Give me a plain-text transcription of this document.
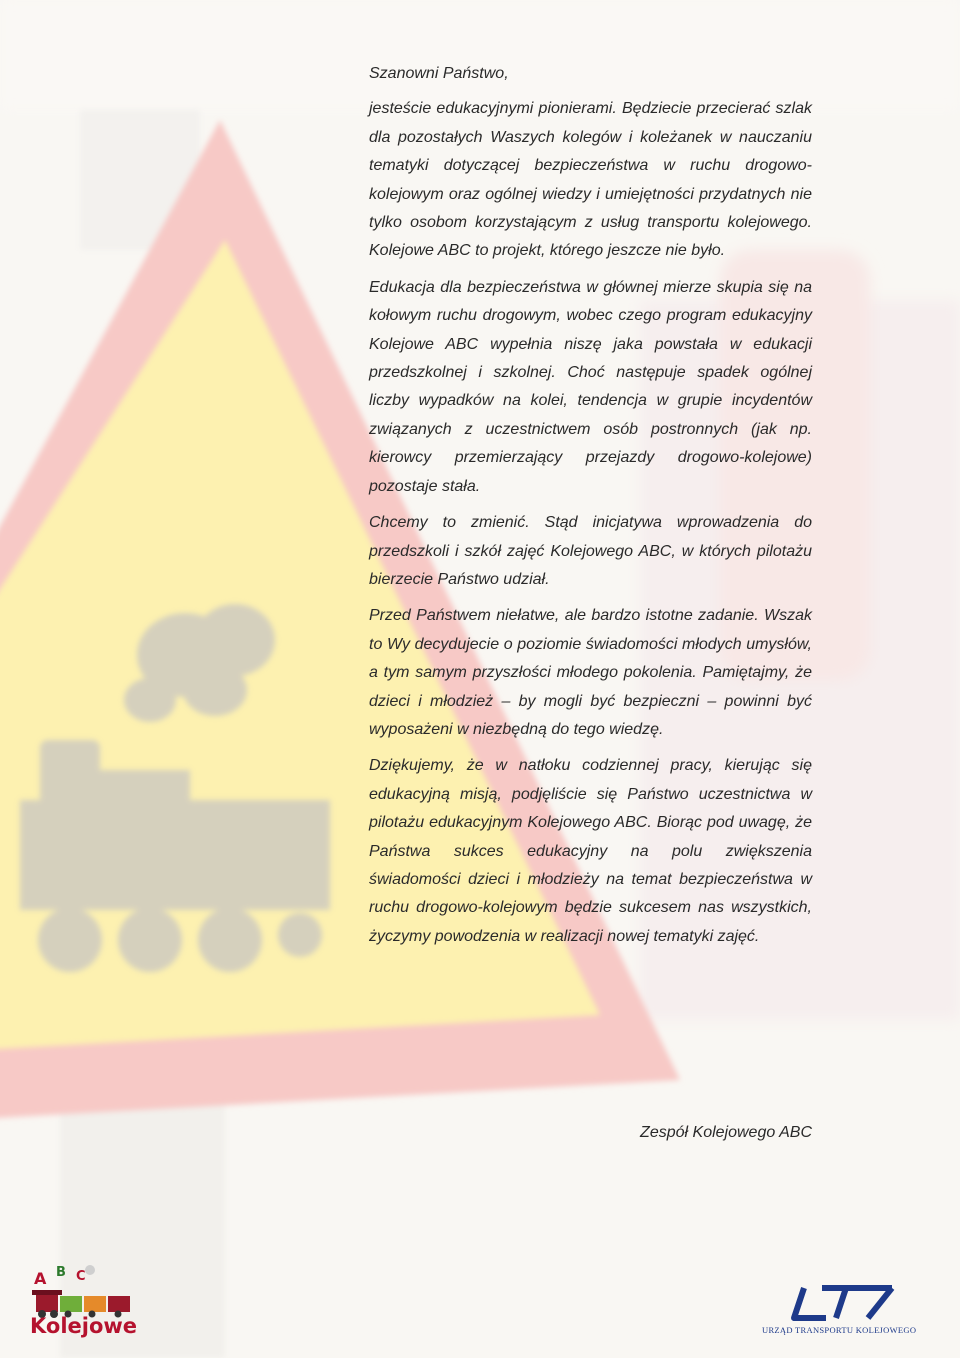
Szanowni Państwo,

jesteście edukacyjnymi pionierami. Będziecie przecierać szlak dla pozostałych Waszych kolegów i koleżanek w nauczaniu tematyki dotyczącej bezpieczeństwa w ruchu drogowo-kolejowym oraz ogólnej wiedzy i umiejętności przydatnych nie tylko osobom korzystającym z usług transportu kolejowego. Kolejowe ABC to projekt, którego jeszcze nie było.

Edukacja dla bezpieczeństwa w głównej mierze skupia się na kołowym ruchu drogowym, wobec czego program edukacyjny Kolejowe ABC wypełnia niszę jaka powstała w edukacji przedszkolnej i szkolnej. Choć następuje spadek ogólnej liczby wypadków na kolei, tendencja w grupie incydentów związanych z uczestnictwem osób postronnych (jak np. kierowcy przemierzający przejazdy drogowo-kolejowe) pozostaje stała.

Chcemy to zmienić. Stąd inicjatywa wprowadzenia do przedszkoli i szkół zajęć Kolejowego ABC, w których pilotażu bierzecie Państwo udział.

Przed Państwem niełatwe, ale bardzo istotne zadanie. Wszak to Wy decydujecie o poziomie świadomości młodych umysłów, a tym samym przyszłości młodego pokolenia. Pamiętajmy, że dzieci i młodzież – by mogli być bezpieczni – powinni być wyposażeni w niezbędną do tego wiedzę.

Dziękujemy, że w natłoku codziennej pracy, kierując się edukacyjną misją, podjęliście się Państwo uczestnictwa w pilotażu edukacyjnym Kolejowego ABC. Biorąc pod uwagę, że Państwa sukces edukacyjny na polu zwiększenia świadomości dzieci i młodzieży na temat bezpieczeństwa w ruchu drogowo-kolejowym będzie sukcesem nas wszystkich, życzymy powodzenia w realizacji nowej tematyki zajęć.

Zespół Kolejowego ABC
A B C
Kolejowe	URZĄD TRANSPORTU KOLEJOWEGO
